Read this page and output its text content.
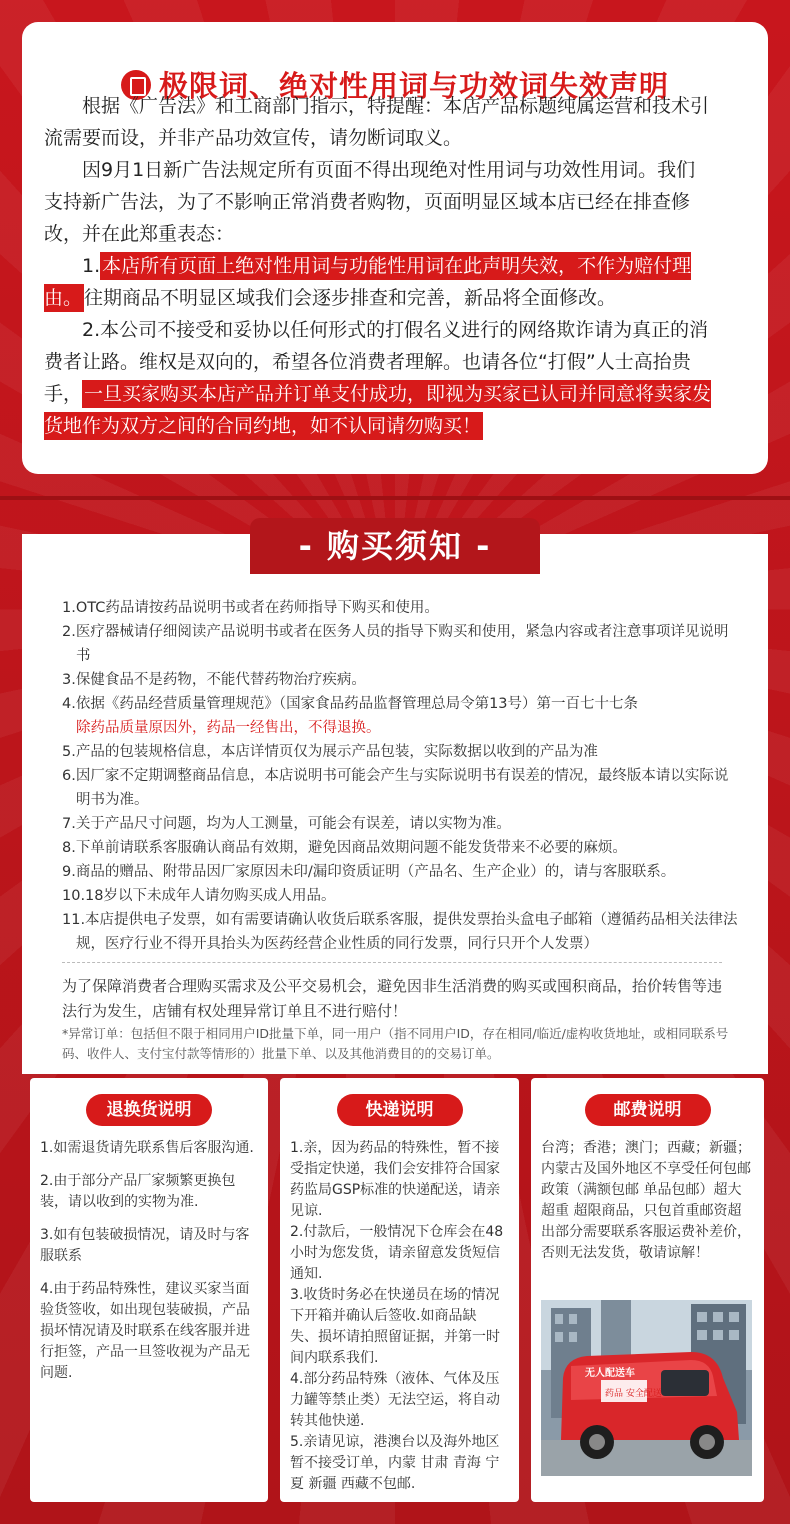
极限词、绝对性用词与功效词失效声明

根据《广告法》和工商部门指示，特提醒：本店产品标题纯属运营和技术引流需要而设，并非产品功效宣传，请勿断词取义。

因9月1日新广告法规定所有页面不得出现绝对性用词与功效性用词。我们支持新广告法，为了不影响正常消费者购物，页面明显区域本店已经在排查修改，并在此郑重表态：

1. 本店所有页面上绝对性用词与功能性用词在此声明失效，不作为赔付理由。 往期商品不明显区域我们会逐步排查和完善，新品将全面修改。

2.本公司不接受和妥协以任何形式的打假名义进行的网络欺诈请为真正的消费者让路。维权是双向的，希望各位消费者理解。也请各位“打假”人士高抬贵手， 一旦买家购买本店产品并订单支付成功，即视为买家已认司并同意将卖家发货地作为双方之间的合同约地，如不认同请勿购买！

- 购买须知 -
1.OTC药品请按药品说明书或者在药师指导下购买和使用。
2.医疗器械请仔细阅读产品说明书或者在医务人员的指导下购买和使用，紧急内容或者注意事项详见说明书
3.保健食品不是药物，不能代替药物治疗疾病。
4.依据《药品经营质量管理规范》（国家食品药品监督管理总局令第13号）第一百七十七条
除药品质量原因外，药品一经售出，不得退换。
5.产品的包装规格信息，本店详情页仅为展示产品包装，实际数据以收到的产品为准
6.因厂家不定期调整商品信息，本店说明书可能会产生与实际说明书有误差的情况，最终版本请以实际说明书为准。
7.关于产品尺寸问题，均为人工测量，可能会有误差，请以实物为准。
8.下单前请联系客服确认商品有效期，避免因商品效期问题不能发货带来不必要的麻烦。
9.商品的赠品、附带品因厂家原因未印/漏印资质证明（产品名、生产企业）的，请与客服联系。
10.18岁以下未成年人请勿购买成人用品。
11.本店提供电子发票，如有需要请确认收货后联系客服，提供发票抬头盒电子邮箱（遵循药品相关法律法规，医疗行业不得开具抬头为医药经营企业性质的同行发票，同行只开个人发票）
为了保障消费者合理购买需求及公平交易机会，避免因非生活消费的购买或囤积商品，抬价转售等违法行为发生，店铺有权处理异常订单且不进行赔付！
*异常订单：包括但不限于相同用户ID批量下单，同一用户（指不同用户ID，存在相同/临近/虚构收货地址，或相同联系号码、收件人、支付宝付款等情形的）批量下单、以及其他消费目的的交易订单。
退换货说明

1.如需退货请先联系售后客服沟通.

2.由于部分产品厂家频繁更换包装，请以收到的实物为准.

3.如有包装破损情况，请及时与客服联系

4.由于药品特殊性，建议买家当面验货签收，如出现包装破损，产品损坏情况请及时联系在线客服并进行拒签，产品一旦签收视为产品无问题.

快递说明

1.亲，因为药品的特殊性，暂不接受指定快递，我们会安排符合国家药监局GSP标准的快递配送，请亲见谅.

2.付款后，一般情况下仓库会在48小时为您发货，请亲留意发货短信通知.

3.收货时务必在快递员在场的情况下开箱并确认后签收.如商品缺失、损坏请拍照留证据，并第一时间内联系我们.

4.部分药品特殊（液体、气体及压力罐等禁止类）无法空运，将自动转其他快递.

5.亲请见谅，港澳台以及海外地区暂不接受订单，内蒙 甘肃 青海 宁夏 新疆 西藏不包邮.

邮费说明
台湾；香港；澳门；西藏；新疆；内蒙古及国外地区不享受任何包邮政策（满额包邮 单品包邮）超大 超重 超限商品，只包首重邮资超出部分需要联系客服运费补差价，否则无法发货，敬请谅解！
药品 安全配送
无人配送车
